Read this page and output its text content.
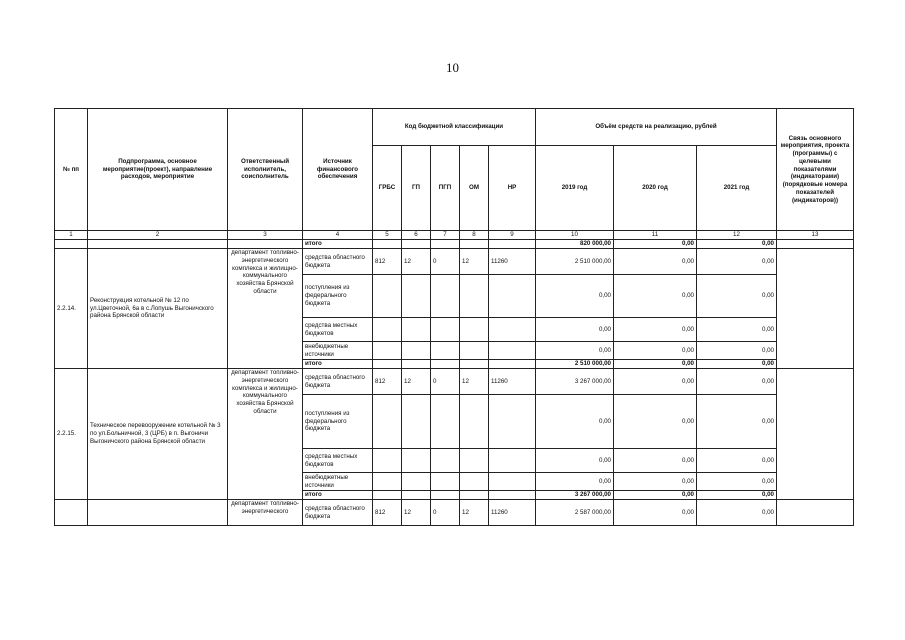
10
№ пп	Подпрограмма, основное мероприятие(проект), направление расходов, мероприятие	Ответственный исполнитель, соисполнитель	Источник финансового обеспечения	Код бюджетной классификации					Объём средств на реализацию, рублей			Связь основного мероприятия, проекта (программы) с целевыми показателями (индикаторами) (порядковые номера показателей (индикаторов))
				ГРБС	ГП	ПГП	ОМ	НР	2019 год	2020 год	2021 год	
1	2	3	4	5	6	7	8	9	10	11	12	13
			итого						820 000,00	0,00	0,00	
2.2.14.	Реконструкция котельной № 12 по ул.Цветочной, 6а в с.Лопушь Выгоничского района Брянской области	департамент топливно-энергетического комплекса и жилищно-коммунального хозяйства Брянской области	средства областного бюджета	812	12	0	12	11260	2 510 000,00	0,00	0,00	
			поступления из федерального бюджета						0,00	0,00	0,00	
			средства местных бюджетов						0,00	0,00	0,00	
			внебюджетные источники						0,00	0,00	0,00	
			итого						2 510 000,00	0,00	0,00	
2.2.15.	Техническое перевооружение котельной № 3 по ул.Больничной, 3 (ЦРБ) в п. Выгоничи Выгоничского района Брянской области	департамент топливно-энергетического комплекса и жилищно-коммунального хозяйства Брянской области	средства областного бюджета	812	12	0	12	11260	3 267 000,00	0,00	0,00	
			поступления из федерального бюджета						0,00	0,00	0,00	
			средства местных бюджетов						0,00	0,00	0,00	
			внебюджетные источники						0,00	0,00	0,00	
			итого						3 267 000,00	0,00	0,00	
		департамент топливно-энергетического	средства областного бюджета	812	12	0	12	11260	2 587 000,00	0,00	0,00	
